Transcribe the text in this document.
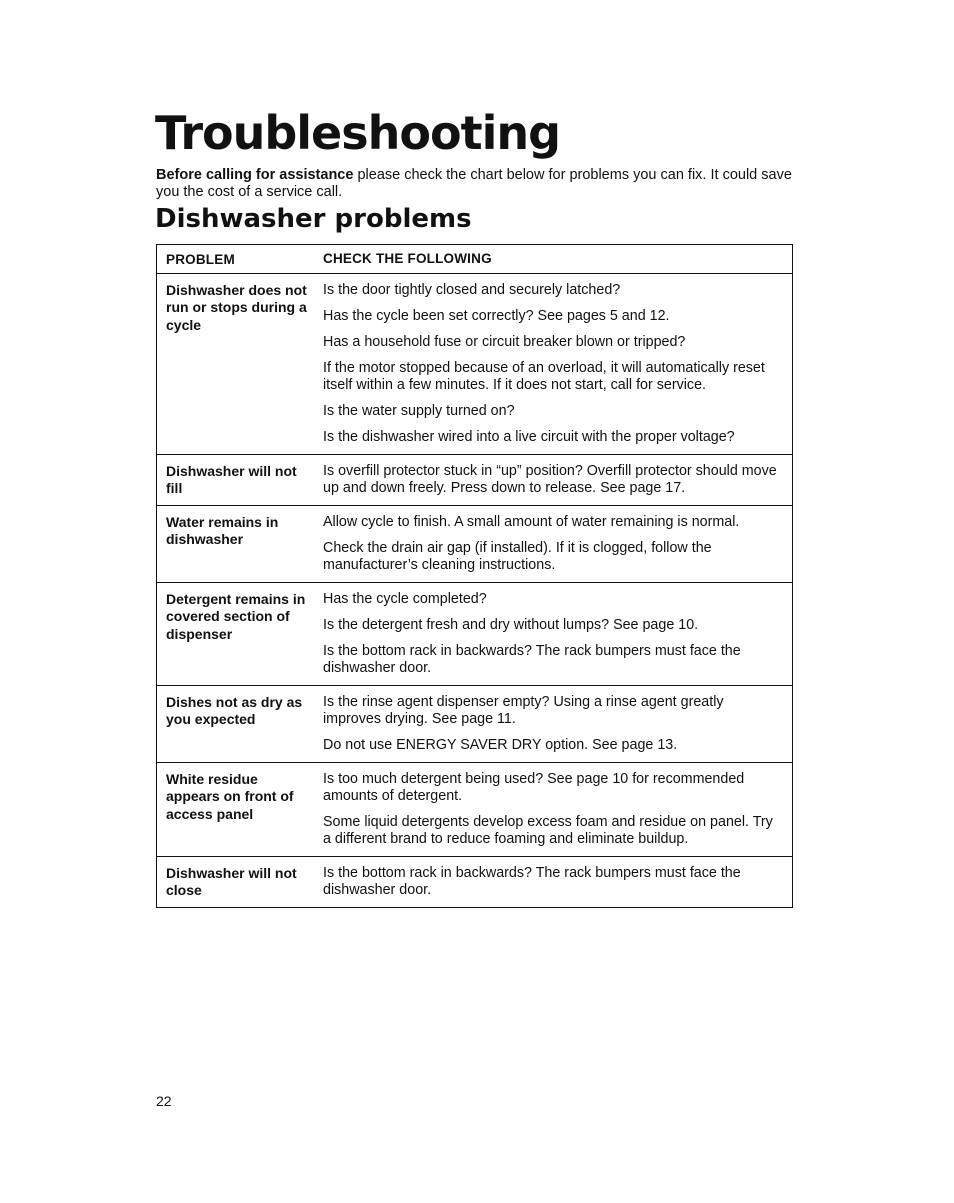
Troubleshooting

Before calling for assistance please check the chart below for problems you can fix. It could save you the cost of a service call.

Dishwasher problems
PROBLEM	CHECK THE FOLLOWING
Dishwasher does not run or stops during a cycle

Is the door tightly closed and securely latched?

Has the cycle been set correctly? See pages 5 and 12.

Has a household fuse or circuit breaker blown or tripped?

If the motor stopped because of an overload, it will automatically reset itself within a few minutes. If it does not start, call for service.

Is the water supply turned on?

Is the dishwasher wired into a live circuit with the proper voltage?

Dishwasher will not fill

Is overfill protector stuck in “up” position? Overfill protector should move up and down freely. Press down to release. See page 17.

Water remains in dishwasher

Allow cycle to finish. A small amount of water remaining is normal.

Check the drain air gap (if installed). If it is clogged, follow the manufacturer’s cleaning instructions.

Detergent remains in covered section of dispenser

Has the cycle completed?

Is the detergent fresh and dry without lumps? See page 10.

Is the bottom rack in backwards? The rack bumpers must face the dishwasher door.

Dishes not as dry as you expected

Is the rinse agent dispenser empty? Using a rinse agent greatly improves drying. See page 11.

Do not use ENERGY SAVER DRY option. See page 13.

White residue appears on front of access panel

Is too much detergent being used? See page 10 for recommended amounts of detergent.

Some liquid detergents develop excess foam and residue on panel. Try a different brand to reduce foaming and eliminate buildup.

Dishwasher will not close

Is the bottom rack in backwards? The rack bumpers must face the dishwasher door.

22
